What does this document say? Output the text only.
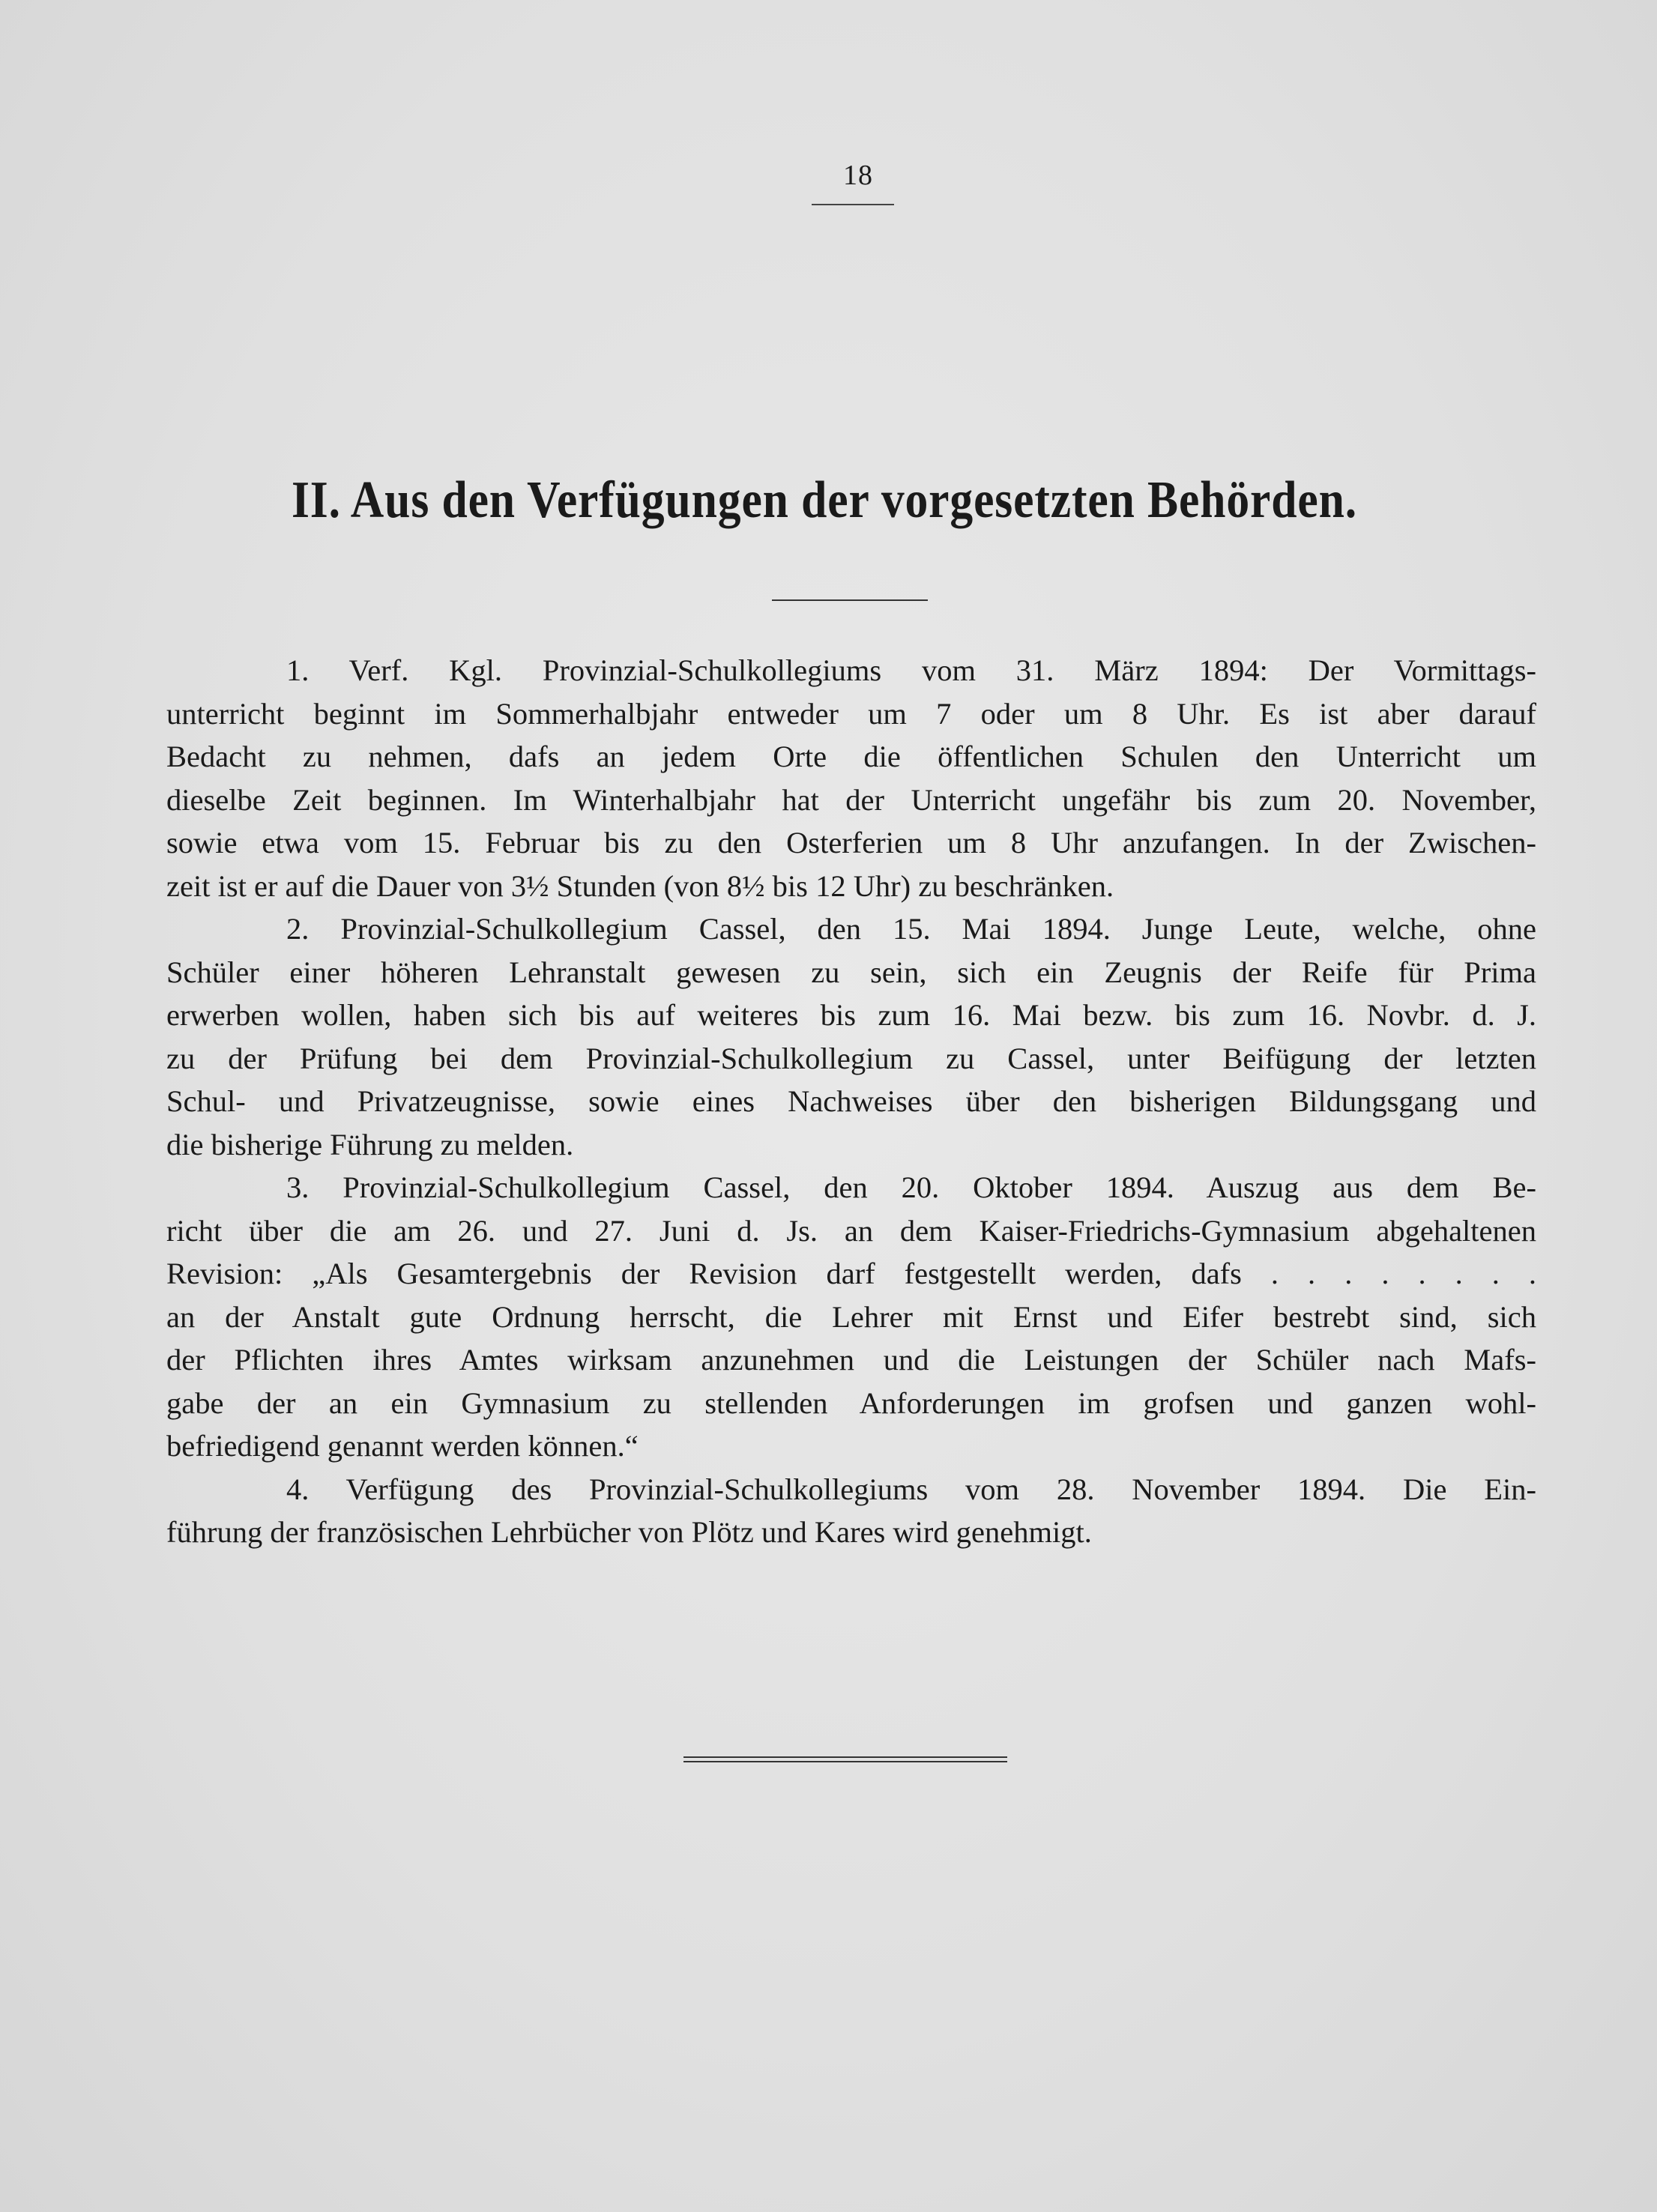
18
II. Aus den Verfügungen der vorgesetzten Behörden.
1. Verf. Kgl. Provinzial-Schulkollegiums vom 31. März 1894: Der Vormittags-
unterricht beginnt im Sommerhalbjahr entweder um 7 oder um 8 Uhr. Es ist aber darauf
Bedacht zu nehmen, dafs an jedem Orte die öffentlichen Schulen den Unterricht um
dieselbe Zeit beginnen. Im Winterhalbjahr hat der Unterricht ungefähr bis zum 20. November,
sowie etwa vom 15. Februar bis zu den Osterferien um 8 Uhr anzufangen. In der Zwischen-
zeit ist er auf die Dauer von 3½ Stunden (von 8½ bis 12 Uhr) zu beschränken.
2. Provinzial-Schulkollegium Cassel, den 15. Mai 1894. Junge Leute, welche, ohne
Schüler einer höheren Lehranstalt gewesen zu sein, sich ein Zeugnis der Reife für Prima
erwerben wollen, haben sich bis auf weiteres bis zum 16. Mai bezw. bis zum 16. Novbr. d. J.
zu der Prüfung bei dem Provinzial-Schulkollegium zu Cassel, unter Beifügung der letzten
Schul- und Privatzeugnisse, sowie eines Nachweises über den bisherigen Bildungsgang und
die bisherige Führung zu melden.
3. Provinzial-Schulkollegium Cassel, den 20. Oktober 1894. Auszug aus dem Be-
richt über die am 26. und 27. Juni d. Js. an dem Kaiser-Friedrichs-Gymnasium abgehaltenen
Revision: „Als Gesamtergebnis der Revision darf festgestellt werden, dafs . . . . . . . .
an der Anstalt gute Ordnung herrscht, die Lehrer mit Ernst und Eifer bestrebt sind, sich
der Pflichten ihres Amtes wirksam anzunehmen und die Leistungen der Schüler nach Mafs-
gabe der an ein Gymnasium zu stellenden Anforderungen im grofsen und ganzen wohl-
befriedigend genannt werden können.“
4. Verfügung des Provinzial-Schulkollegiums vom 28. November 1894. Die Ein-
führung der französischen Lehrbücher von Plötz und Kares wird genehmigt.
